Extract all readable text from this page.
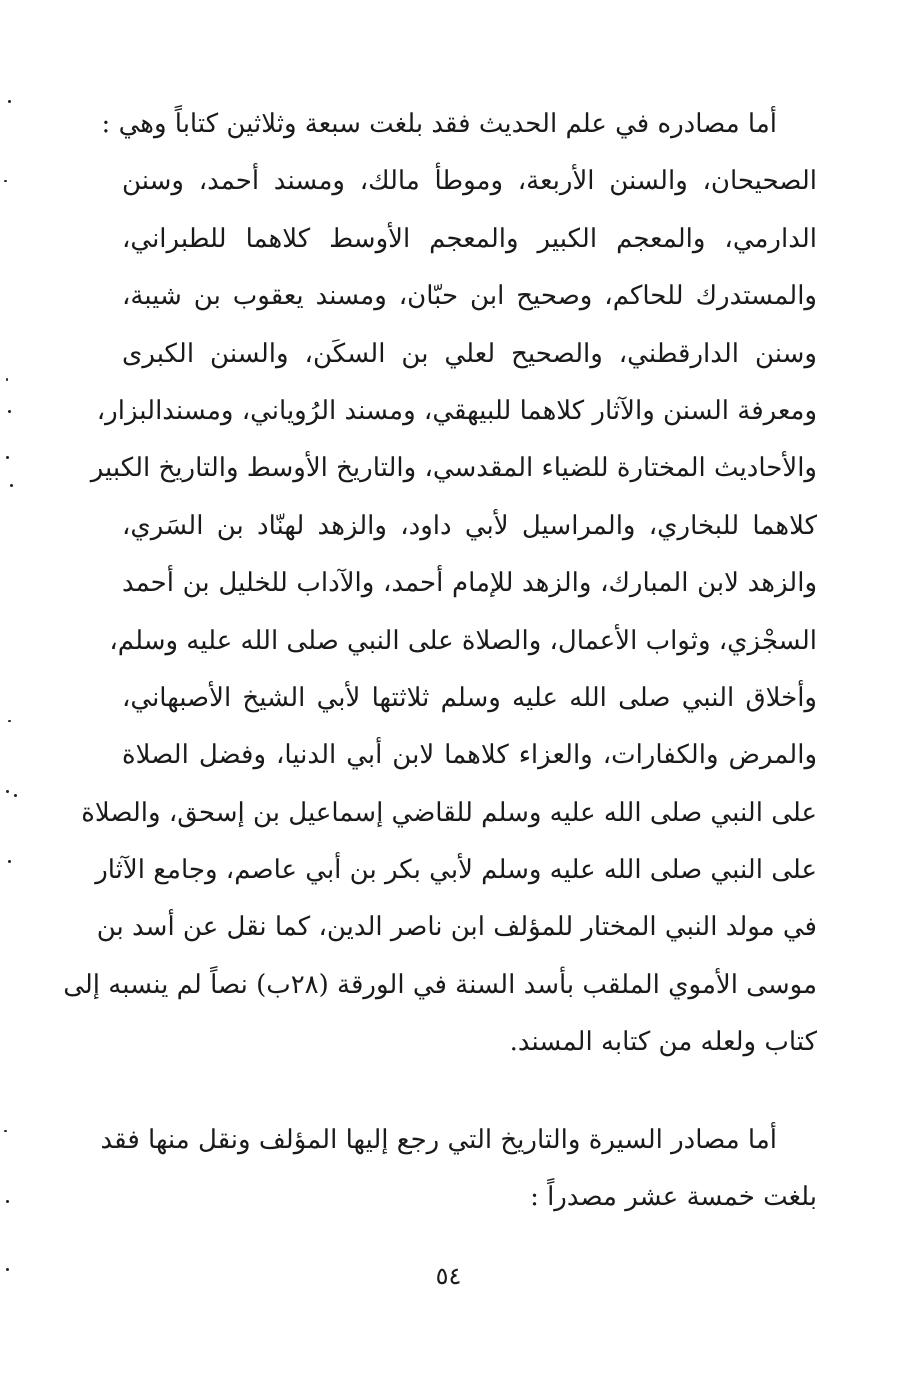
أما مصادره في علم الحديث فقد بلغت سبعة وثلاثين كتاباً وهي :
الصحيحان، والسنن الأربعة، وموطأ مالك، ومسند أحمد، وسنن
الدارمي، والمعجم الكبير والمعجم الأوسط كلاهما للطبراني،
والمستدرك للحاكم، وصحيح ابن حبّان، ومسند يعقوب بن شيبة،
وسنن الدارقطني، والصحيح لعلي بن السكَن، والسنن الكبرى
ومعرفة السنن والآثار كلاهما للبيهقي، ومسند الرُوياني، ومسندالبزار،
والأحاديث المختارة للضياء المقدسي، والتاريخ الأوسط والتاريخ الكبير
كلاهما للبخاري، والمراسيل لأبي داود، والزهد لهنّاد بن السَري،
والزهد لابن المبارك، والزهد للإمام أحمد، والآداب للخليل بن أحمد
السجْزي، وثواب الأعمال، والصلاة على النبي صلى الله عليه وسلم،
وأخلاق النبي صلى الله عليه وسلم ثلاثتها لأبي الشيخ الأصبهاني،
والمرض والكفارات، والعزاء كلاهما لابن أبي الدنيا، وفضل الصلاة
على النبي صلى الله عليه وسلم للقاضي إسماعيل بن إسحق، والصلاة
على النبي صلى الله عليه وسلم لأبي بكر بن أبي عاصم، وجامع الآثار
في مولد النبي المختار للمؤلف ابن ناصر الدين، كما نقل عن أسد بن
موسى الأموي الملقب بأسد السنة في الورقة (٢٨ب) نصاً لم ينسبه إلى
كتاب ولعله من كتابه المسند.
أما مصادر السيرة والتاريخ التي رجع إليها المؤلف ونقل منها فقد
بلغت خمسة عشر مصدراً :
٥٤
